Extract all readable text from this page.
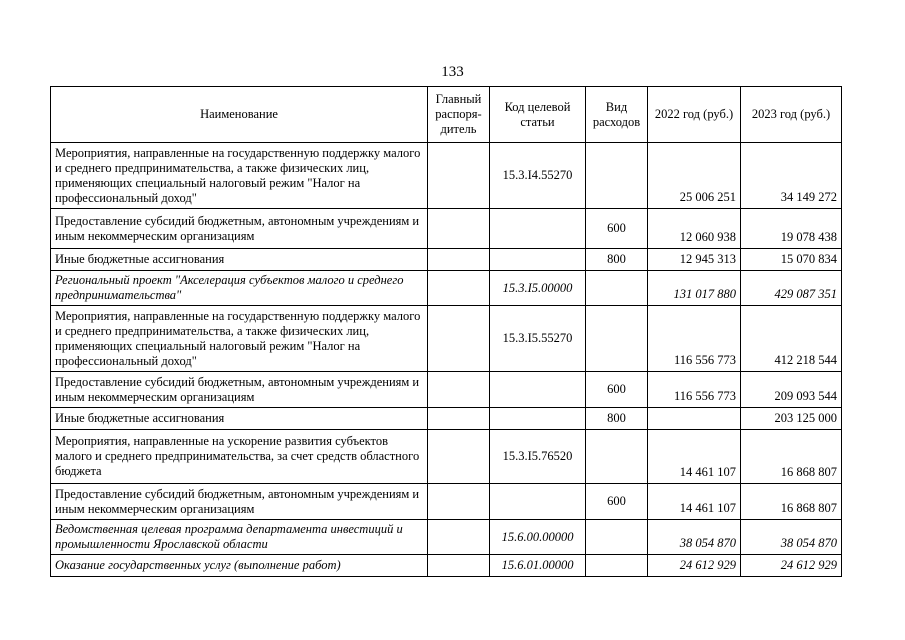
133
Наименование	Главный распоря-дитель	Код целевой статьи	Вид расходов	2022 год (руб.)	2023 год (руб.)
Мероприятия, направленные на государственную поддержку малого и среднего предпринимательства, а также физических лиц, применяющих специальный налоговый режим "Налог на профессиональный доход"		15.3.I4.55270		25 006 251	34 149 272
Предоставление субсидий бюджетным, автономным учреждениям и иным некоммерческим организациям			600	12 060 938	19 078 438
Иные бюджетные ассигнования			800	12 945 313	15 070 834
Региональный проект "Акселерация субъектов малого и среднего предпринимательства"		15.3.I5.00000		131 017 880	429 087 351
Мероприятия, направленные на государственную поддержку малого и среднего предпринимательства, а также физических лиц, применяющих специальный налоговый режим "Налог на профессиональный доход"		15.3.I5.55270		116 556 773	412 218 544
Предоставление субсидий бюджетным, автономным учреждениям и иным некоммерческим организациям			600	116 556 773	209 093 544
Иные бюджетные ассигнования			800		203 125 000
Мероприятия, направленные на ускорение развития субъектов малого и среднего предпринимательства, за счет средств областного бюджета		15.3.I5.76520		14 461 107	16 868 807
Предоставление субсидий бюджетным, автономным учреждениям и иным некоммерческим организациям			600	14 461 107	16 868 807
Ведомственная целевая программа департамента инвестиций и промышленности Ярославской области		15.6.00.00000		38 054 870	38 054 870
Оказание государственных услуг (выполнение работ)		15.6.01.00000		24 612 929	24 612 929
